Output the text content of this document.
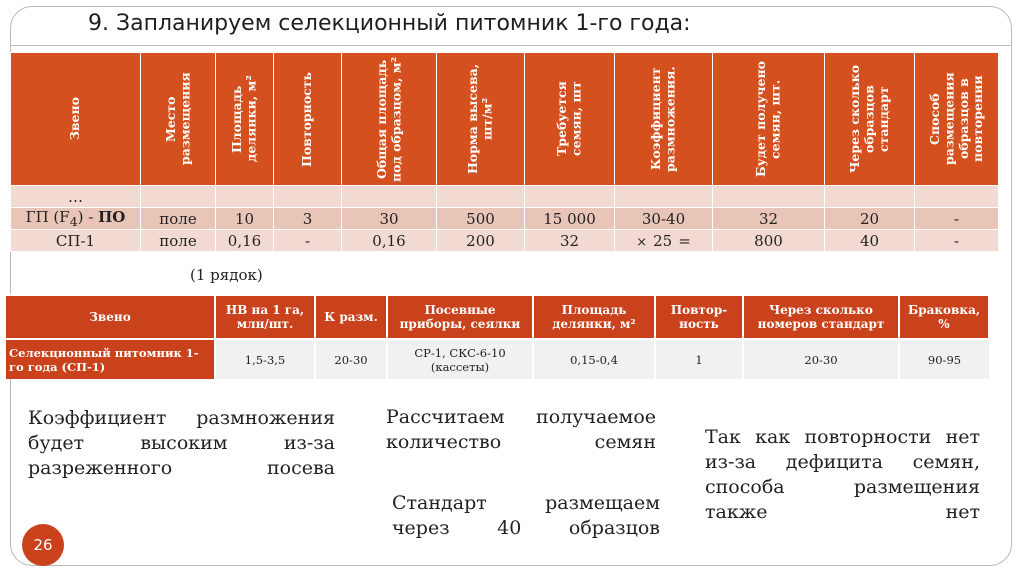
9. Запланируем селекционный питомник 1-го года:
Звено	Место размещения	Площадь делянки, м²	Повторность	Общая площадь под образцом, м²	Норма высева, шт/м²	Требуется семян, шт	Коэффициент размножения.	Будет получено семян, шт.	Через сколько образцов стандарт	Способ размещения образцов в повторении

…										
ГП $(F_4)$ - ПО	поле	10	3	30	500	15 000	30-40	32	20	-
СП-1	поле	0,16	-	0,16	200	32	× 25 =	800	40	-
(1 рядок)
Звено	НВ на 1 га, млн/шт.	К разм.	Посевные приборы, сеялки	Площадь делянки, м²	Повтор-ность	Через сколько номеров стандарт	Браковка, %
Селекционный питомник 1-го года (СП-1)	1,5-3,5	20-30	СР-1, СКС-6-10 (кассеты)	0,15-0,4	1	20-30	90-95
Коэффициент размножения будет высоким из-за разреженного посева
Рассчитаем получаемое количество семян
Стандарт размещаем через 40 образцов
Так как повторности нет из-за дефицита семян, способа размещения также нет
26
